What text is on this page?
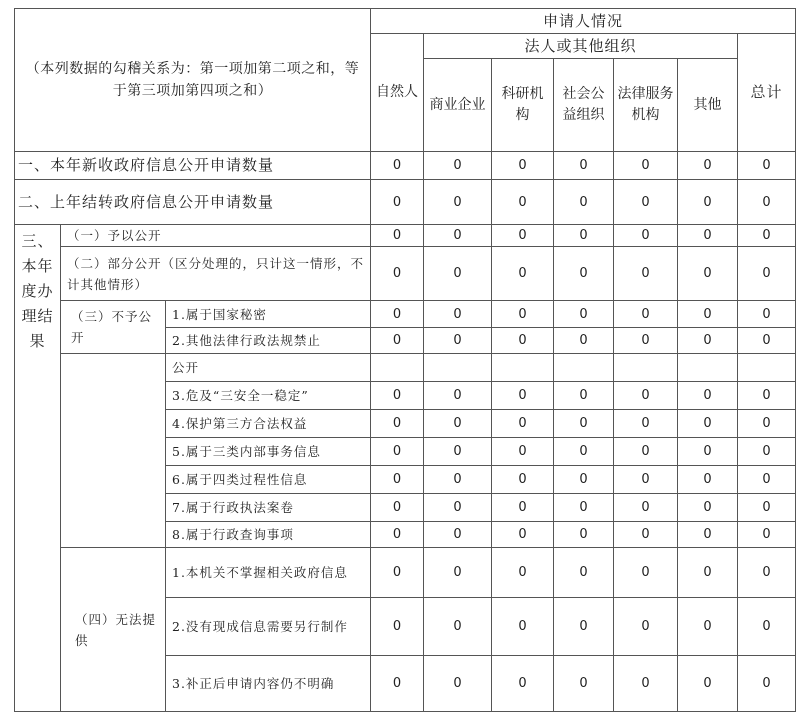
（本列数据的勾稽关系为：第一项加第二项之和，等于第三项加第四项之和）			申请人情况						
			自然人	法人或其他组织					总计
				商业企业	科研机构	社会公益组织	法律服务机构	其他	
一、本年新收政府信息公开申请数量			0	0	0	0	0	0	0
二、上年结转政府信息公开申请数量			0	0	0	0	0	0	0
三、本年度办理结果	（一）予以公开		0	0	0	0	0	0	0
	（二）部分公开（区分处理的，只计这一情形，不计其他情形）		0	0	0	0	0	0	0
	（三）不予公开	1.属于国家秘密	0	0	0	0	0	0	0
		2.其他法律行政法规禁止	0	0	0	0	0	0	0
		公开							
		3.危及“三安全一稳定”	0	0	0	0	0	0	0
		4.保护第三方合法权益	0	0	0	0	0	0	0
		5.属于三类内部事务信息	0	0	0	0	0	0	0
		6.属于四类过程性信息	0	0	0	0	0	0	0
		7.属于行政执法案卷	0	0	0	0	0	0	0
		8.属于行政查询事项	0	0	0	0	0	0	0
	（四）无法提供	1.本机关不掌握相关政府信息	0	0	0	0	0	0	0
		2.没有现成信息需要另行制作	0	0	0	0	0	0	0
		3.补正后申请内容仍不明确	0	0	0	0	0	0	0
